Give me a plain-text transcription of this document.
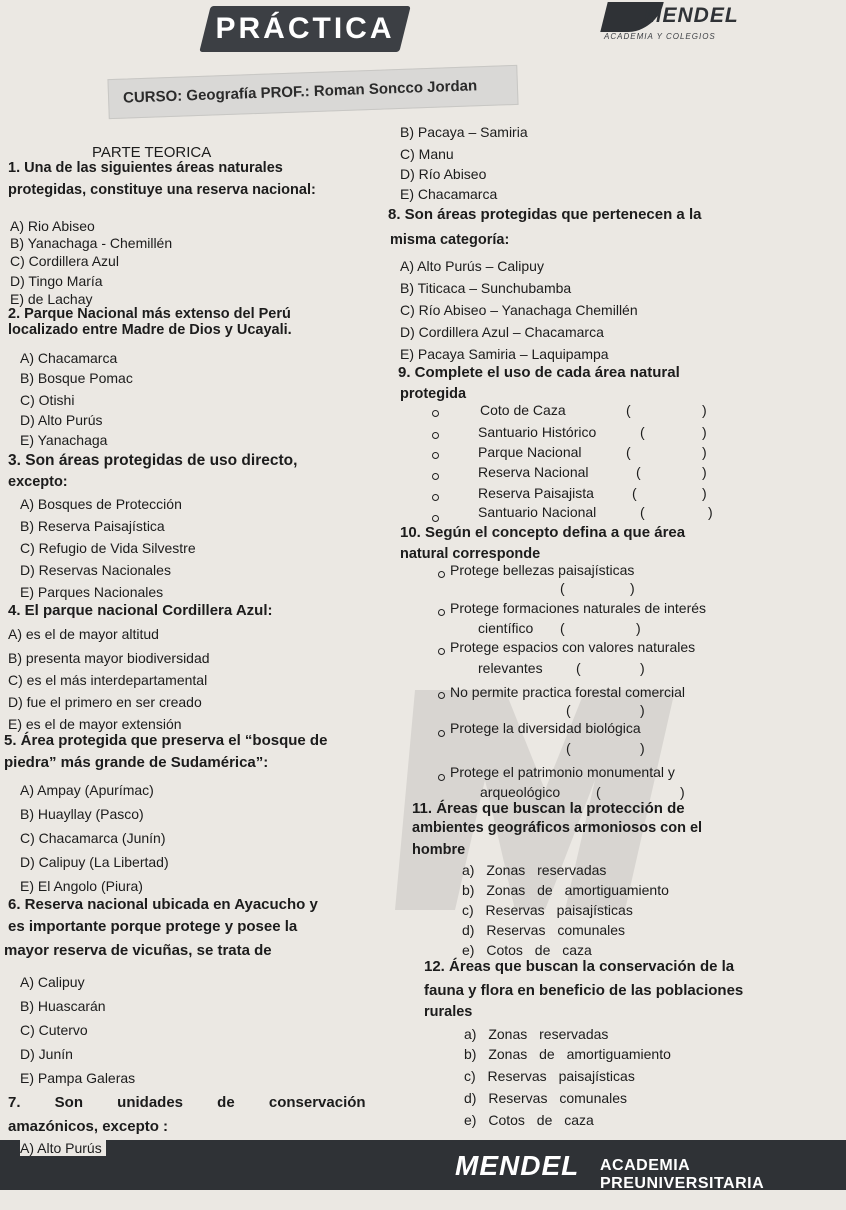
PRÁCTICA
CURSO: Geografía PROF.: Roman Soncco Jordan
MENDEL
ACADEMIA Y COLEGIOS
PARTE TEORICA
1. Una de las siguientes áreas naturales
protegidas, constituye una reserva nacional:
A) Rio Abiseo
B) Yanachaga - Chemillén
C) Cordillera Azul
D) Tingo María
E) de Lachay
2. Parque Nacional más extenso del Perú
localizado entre Madre de Dios y Ucayali.
A) Chacamarca
B) Bosque Pomac
C) Otishi
D) Alto Purús
E) Yanachaga
3. Son áreas protegidas de uso directo,
excepto:
A) Bosques de Protección
B) Reserva Paisajística
C) Refugio de Vida Silvestre
D) Reservas Nacionales
E) Parques Nacionales
4. El parque nacional Cordillera Azul:
A) es el de mayor altitud
B) presenta mayor biodiversidad
C) es el más interdepartamental
D) fue el primero en ser creado
E) es el de mayor extensión
5. Área protegida que preserva el “bosque de
piedra” más grande de Sudamérica”:
A) Ampay (Apurímac)
B) Huayllay (Pasco)
C) Chacamarca (Junín)
D) Calipuy (La Libertad)
E) El Angolo (Piura)
6. Reserva nacional ubicada en Ayacucho y
es importante porque protege y posee la
mayor reserva de vicuñas, se trata de
A) Calipuy
B) Huascarán
C) Cutervo
D) Junín
E) Pampa Galeras
7. Son unidades de conservación
amazónicos, excepto :
A) Alto Purús
B) Pacaya – Samiria
C) Manu
D) Río Abiseo
E) Chacamarca
8. Son áreas protegidas que pertenecen a la
misma categoría:
A) Alto Purús – Calipuy
B) Titicaca – Sunchubamba
C) Río Abiseo – Yanachaga Chemillén
D) Cordillera Azul – Chacamarca
E) Pacaya Samiria – Laquipampa
9. Complete el uso de cada área natural
protegida
Coto de Caza	(	)
Santuario Histórico	(	)
Parque Nacional	(	)
Reserva Nacional	(	)
Reserva Paisajista	(	)
Santuario Nacional	(	)
10. Según el concepto defina a que área
natural corresponde
Protege bellezas paisajísticas
(	)
Protege formaciones naturales de interés
científico (	)
Protege espacios con valores naturales
relevantes (	)
No permite practica forestal comercial
(	)
Protege la diversidad biológica
(	)
Protege el patrimonio monumental y
arqueológico	(	)
11. Áreas que buscan la protección de
ambientes geográficos armoniosos con el
hombre
a) Zonas reservadas
b) Zonas de amortiguamiento
c) Reservas paisajísticas
d) Reservas comunales
e) Cotos de caza
12. Áreas que buscan la conservación de la
fauna y flora en beneficio de las poblaciones
rurales
a) Zonas reservadas
b) Zonas de amortiguamiento
c) Reservas paisajísticas
d) Reservas comunales
e) Cotos de caza
MENDEL ACADEMIA PREUNIVERSITARIA
